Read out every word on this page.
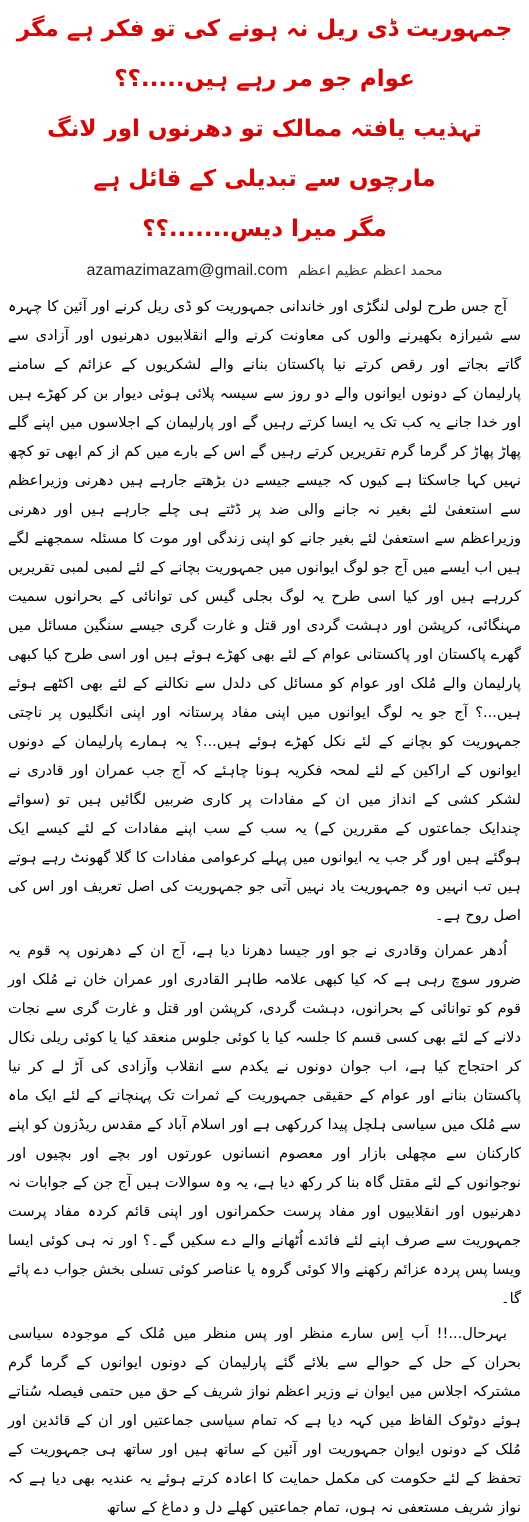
جمہوریت ڈی ریل نہ ہونے کی تو فکر ہے مگر عوام جو مر رہے ہیں.....؟؟
تہذیب یافتہ ممالک تو دھرنوں اور لانگ مارچوں سے تبدیلی کے قائل ہے
مگر میرا دیس.......؟؟
azamazimazam@gmail.com محمد اعظم عظیم اعظم

آج جس طرح لولی لنگڑی اور خاندانی جمہوریت کو ڈی ریل کرنے اور آئین کا چہرہ سے شیرازہ بکھیرنے والوں کی معاونت کرنے والے انقلابیوں دھرنیوں اور آزادی سے گاتے بجاتے اور رقص کرتے نیا پاکستان بنانے والے لشکریوں کے عزائم کے سامنے پارلیمان کے دونوں ایوانوں والے دو روز سے سیسہ پلائی ہوئی دیوار بن کر کھڑے ہیں اور خدا جانے یہ کب تک یہ ایسا کرتے رہیں گے اور پارلیمان کے اجلاسوں میں اپنے گلے پھاڑ پھاڑ کر گرما گرم تقریریں کرتے رہیں گے اس کے بارے میں کم از کم ابھی تو کچھ نہیں کہا جاسکتا ہے کیوں کہ جیسے جیسے دن بڑھتے جارہے ہیں دھرنی وزیراعظم سے استعفیٰ لئے بغیر نہ جانے والی ضد پر ڈٹتے ہی چلے جارہے ہیں اور دھرنی وزیراعظم سے استعفیٰ لئے بغیر جانے کو اپنی زندگی اور موت کا مسئلہ سمجھنے لگے ہیں اب ایسے میں آج جو لوگ ایوانوں میں جمہوریت بچانے کے لئے لمبی لمبی تقریریں کررہے ہیں اور کیا اسی طرح یہ لوگ بجلی گیس کی توانائی کے بحرانوں سمیت مہنگائی، کرپشن اور دہشت گردی اور قتل و غارت گری جیسے سنگین مسائل میں گھرے پاکستان اور پاکستانی عوام کے لئے بھی کھڑے ہوئے ہیں اور اسی طرح کیا کبھی پارلیمان والے مُلک اور عوام کو مسائل کی دلدل سے نکالنے کے لئے بھی اکٹھے ہوئے ہیں...؟ آج جو یہ لوگ ایوانوں میں اپنی مفاد پرستانہ اور اپنی انگلیوں پر ناچتی جمہوریت کو بچانے کے لئے نکل کھڑے ہوئے ہیں...؟ یہ ہمارے پارلیمان کے دونوں ایوانوں کے اراکین کے لئے لمحہ فکریہ ہونا چاہئے کہ آج جب عمران اور قادری نے لشکر کشی کے انداز میں ان کے مفادات پر کاری ضربیں لگائیں ہیں تو (سوائے چندایک جماعتوں کے مقررین کے) یہ سب کے سب اپنے مفادات کے لئے کیسے ایک ہوگئے ہیں اور گر جب یہ ایوانوں میں پہلے کرعوامی مفادات کا گلا گھونٹ رہے ہوتے ہیں تب انہیں وہ جمہوریت یاد نہیں آتی جو جمہوریت کی اصل تعریف اور اس کی اصل روح ہے۔

اُدھر عمران وقادری نے جو اور جیسا دھرنا دیا ہے، آج ان کے دھرنوں پہ قوم یہ ضرور سوچ رہی ہے کہ کیا کبھی علامہ طاہر القادری اور عمران خان نے مُلک اور قوم کو توانائی کے بحرانوں، دہشت گردی، کرپشن اور قتل و غارت گری سے نجات دلانے کے لئے بھی کسی قسم کا جلسہ کیا یا کوئی جلوس منعقد کیا یا کوئی ریلی نکال کر احتجاج کیا ہے، اب جوان دونوں نے یکدم سے انقلاب وآزادی کی آڑ لے کر نیا پاکستان بنانے اور عوام کے حقیقی جمہوریت کے ثمرات تک پہنچانے کے لئے ایک ماہ سے مُلک میں سیاسی ہلچل پیدا کررکھی ہے اور اسلام آباد کے مقدس ریڈزون کو اپنے کارکنان سے مچھلی بازار اور معصوم انسانوں عورتوں اور بچے اور بچیوں اور نوجوانوں کے لئے مقتل گاہ بنا کر رکھ دیا ہے، یہ وہ سوالات ہیں آج جن کے جوابات نہ دھرنیوں اور انقلابیوں اور مفاد پرست حکمرانوں اور اپنی قائم کردہ مفاد پرست جمہوریت سے صرف اپنے لئے فائدے اُٹھانے والے دے سکیں گے۔؟ اور نہ ہی کوئی ایسا ویسا پس پردہ عزائم رکھنے والا کوئی گروہ یا عناصر کوئی تسلی بخش جواب دے پائے گا۔

بہرحال...!! اَب اِس سارے منظر اور پس منظر میں مُلک کے موجودہ سیاسی بحران کے حل کے حوالے سے بلائے گئے پارلیمان کے دونوں ایوانوں کے گرما گرم مشترکہ اجلاس میں ایوان نے وزیر اعظم نواز شریف کے حق میں حتمی فیصلہ سُناتے ہوئے دوٹوک الفاظ میں کہہ دیا ہے کہ تمام سیاسی جماعتیں اور ان کے قائدین اور مُلک کے دونوں ایوان جمہوریت اور آئین کے ساتھ ہیں اور ساتھ ہی جمہوریت کے تحفظ کے لئے حکومت کی مکمل حمایت کا اعادہ کرتے ہوئے یہ عندیہ بھی دیا ہے کہ نواز شریف مستعفی نہ ہوں، تمام جماعتیں کھلے دل و دماغ کے ساتھ
